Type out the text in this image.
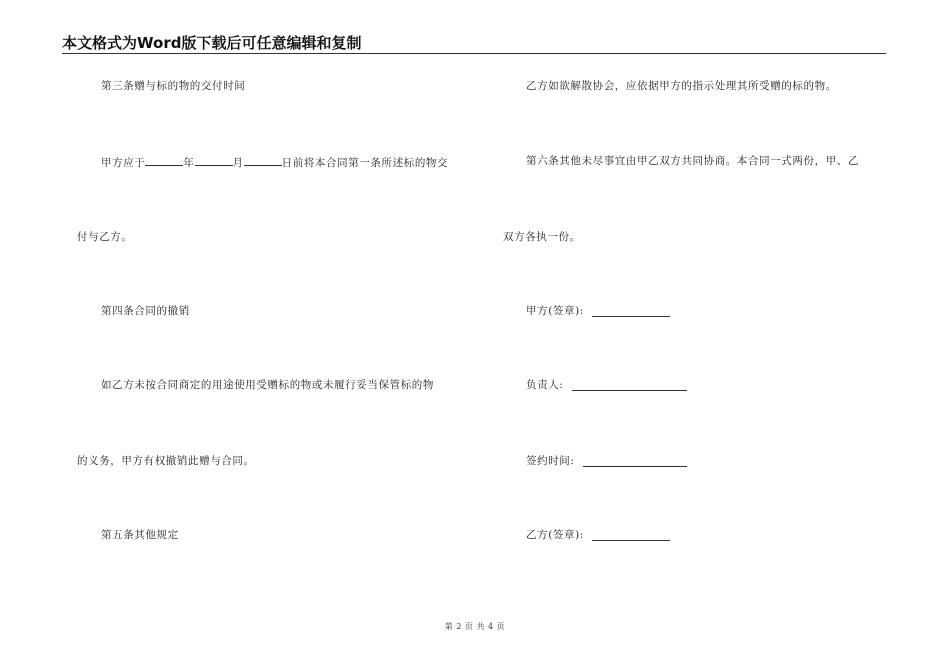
本文格式为Word版下载后可任意编辑和复制
第三条赠与标的物的交付时间
甲方应于	年	月	日前将本合同第一条所述标的物交
付与乙方。
第四条合同的撤销
如乙方未按合同商定的用途使用受赠标的物或未履行妥当保管标的物
的义务，甲方有权撤销此赠与合同。
第五条其他规定
乙方如欲解散协会，应依据甲方的指示处理其所受赠的标的物。
第六条其他未尽事宜由甲乙双方共同协商。本合同一式两份，甲、乙
双方各执一份。
甲方(签章):
负责人:
签约时间:
乙方(签章):
第 2 页 共 4 页
